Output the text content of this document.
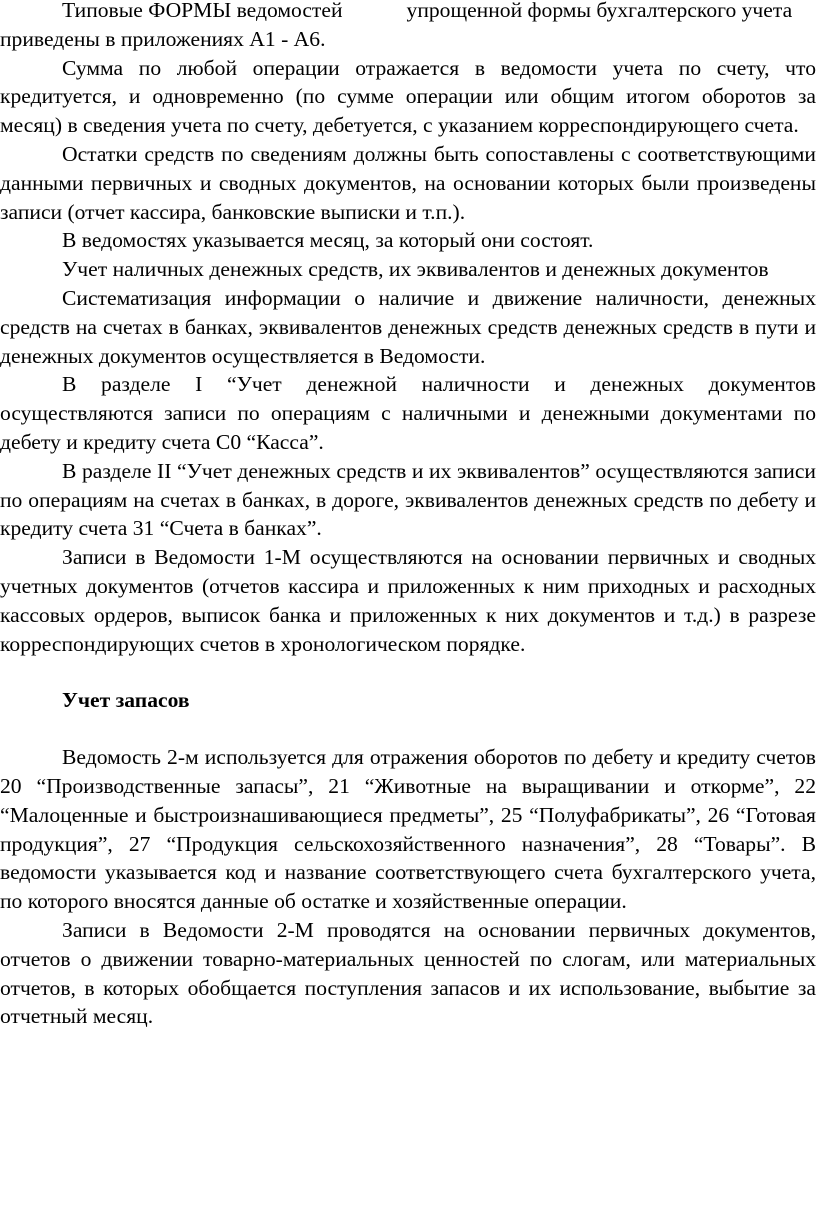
Типовые ФОРМЫ ведомостей	упрощенной формы бухгалтерского учета приведены в приложениях А1 - А6.

Сумма по любой операции отражается в ведомости учета по счету, что кредитуется, и одновременно (по сумме операции или общим итогом оборотов за месяц) в сведения учета по счету, дебетуется, с указанием корреспондирующего счета.

Остатки средств по сведениям должны быть сопоставлены с соответствующими данными первичных и сводных документов, на основании которых были произведены записи (отчет кассира, банковские выписки и т.п.).

В ведомостях указывается месяц, за который они состоят.

Учет наличных денежных средств, их эквивалентов и денежных документов

Систематизация информации о наличие и движение наличности, денежных средств на счетах в банках, эквивалентов денежных средств денежных средств в пути и денежных документов осуществляется в Ведомости.

В разделе I “Учет денежной наличности и денежных документов осуществляются записи по операциям с наличными и денежными документами по дебету и кредиту счета С0 “Касса”.

В разделе II “Учет денежных средств и их эквивалентов” осуществляются записи по операциям на счетах в банках, в дороге, эквивалентов денежных средств по дебету и кредиту счета 31 “Счета в банках”.

Записи в Ведомости 1-М осуществляются на основании первичных и сводных учетных документов (отчетов кассира и приложенных к ним приходных и расходных кассовых ордеров, выписок банка и приложенных к них документов и т.д.) в разрезе корреспондирующих счетов в хронологическом порядке.

Учет запасов

Ведомость 2-м используется для отражения оборотов по дебету и кредиту счетов 20 “Производственные запасы”, 21 “Животные на выращивании и откорме”, 22 “Малоценные и быстроизнашивающиеся предметы”, 25 “Полуфабрикаты”, 26 “Готовая продукция”, 27 “Продукция сельскохозяйственного назначения”, 28 “Товары”. В ведомости указывается код и название соответствующего счета бухгалтерского учета, по которого вносятся данные об остатке и хозяйственные операции.

Записи в Ведомости 2-М проводятся на основании первичных документов, отчетов о движении товарно-материальных ценностей по слогам, или материальных отчетов, в которых обобщается поступления запасов и их использование, выбытие за отчетный месяц.
